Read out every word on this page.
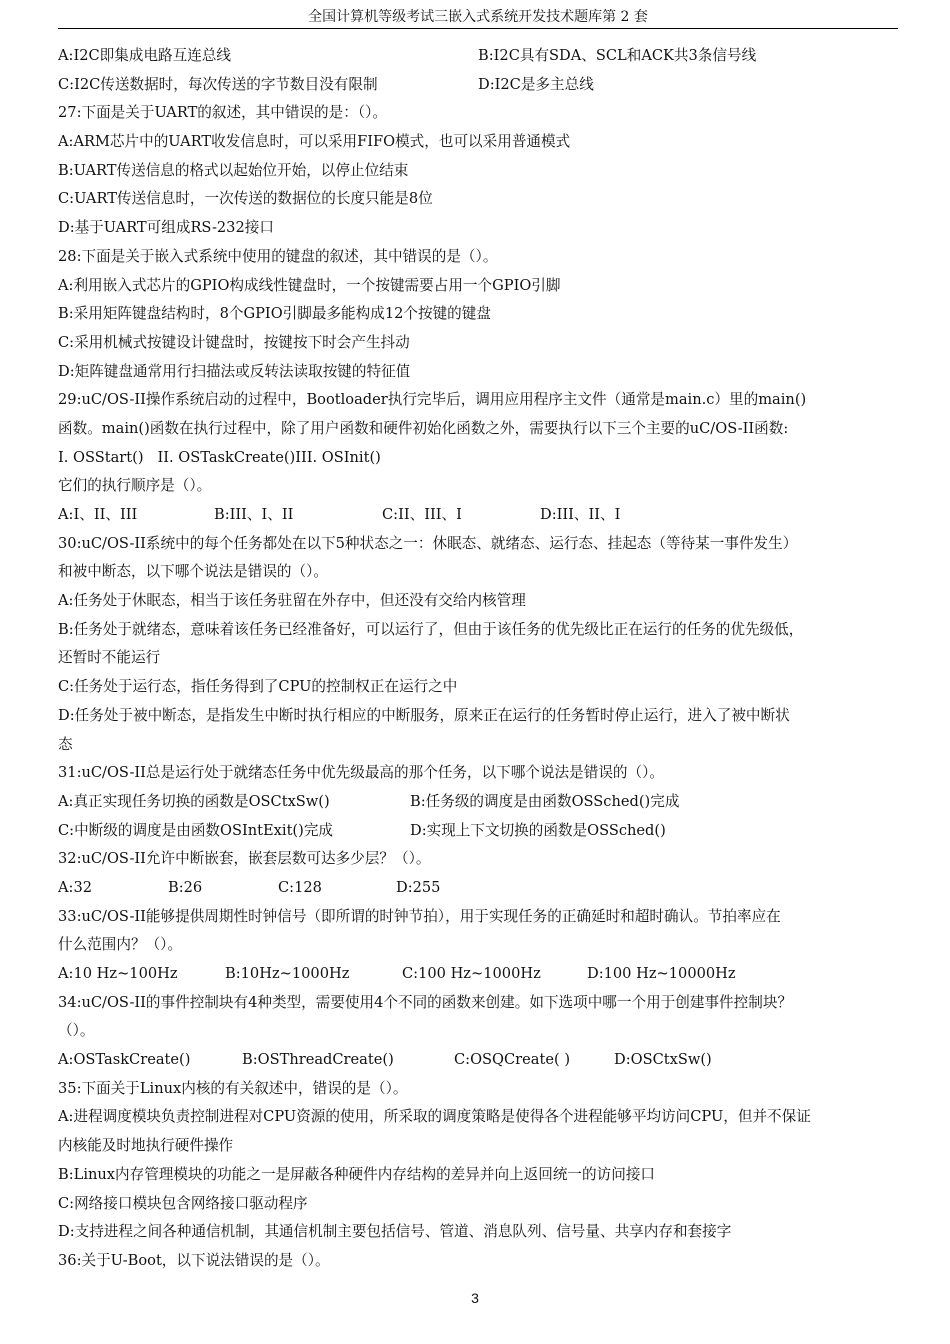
全国计算机等级考试三嵌入式系统开发技术题库第 2 套
A:I2C即集成电路互连总线	B:I2C具有SDA、SCL和ACK共3条信号线
C:I2C传送数据时，每次传送的字节数目没有限制	D:I2C是多主总线
27:下面是关于UART的叙述，其中错误的是：（）。
A:ARM芯片中的UART收发信息时，可以采用FIFO模式，也可以采用普通模式
B:UART传送信息的格式以起始位开始，以停止位结束
C:UART传送信息时，一次传送的数据位的长度只能是8位
D:基于UART可组成RS-232接口
28:下面是关于嵌入式系统中使用的键盘的叙述，其中错误的是（）。
A:利用嵌入式芯片的GPIO构成线性键盘时，一个按键需要占用一个GPIO引脚
B:采用矩阵键盘结构时，8个GPIO引脚最多能构成12个按键的键盘
C:采用机械式按键设计键盘时，按键按下时会产生抖动
D:矩阵键盘通常用行扫描法或反转法读取按键的特征值
29:uC/OS-II操作系统启动的过程中，Bootloader执行完毕后，调用应用程序主文件（通常是main.c）里的main()
函数。main()函数在执行过程中，除了用户函数和硬件初始化函数之外，需要执行以下三个主要的uC/OS-II函数:
I. OSStart()   II. OSTaskCreate()III. OSInit()
它们的执行顺序是（）。
A:I、II、III	B:III、I、II	C:II、III、I	D:III、II、I
30:uC/OS-II系统中的每个任务都处在以下5种状态之一：休眠态、就绪态、运行态、挂起态（等待某一事件发生）
和被中断态，以下哪个说法是错误的（）。
A:任务处于休眠态，相当于该任务驻留在外存中，但还没有交给内核管理
B:任务处于就绪态，意味着该任务已经准备好，可以运行了，但由于该任务的优先级比正在运行的任务的优先级低，
还暂时不能运行
C:任务处于运行态，指任务得到了CPU的控制权正在运行之中
D:任务处于被中断态，是指发生中断时执行相应的中断服务，原来正在运行的任务暂时停止运行，进入了被中断状
态
31:uC/OS-II总是运行处于就绪态任务中优先级最高的那个任务，以下哪个说法是错误的（）。
A:真正实现任务切换的函数是OSCtxSw()	B:任务级的调度是由函数OSSched()完成
C:中断级的调度是由函数OSIntExit()完成	D:实现上下文切换的函数是OSSched()
32:uC/OS-II允许中断嵌套，嵌套层数可达多少层？（）。
A:32	B:26	C:128	D:255
33:uC/OS-II能够提供周期性时钟信号（即所谓的时钟节拍），用于实现任务的正确延时和超时确认。节拍率应在
什么范围内？（）。
A:10 Hz~100Hz	B:10Hz~1000Hz	C:100 Hz~1000Hz	D:100 Hz~10000Hz
34:uC/OS-II的事件控制块有4种类型，需要使用4个不同的函数来创建。如下选项中哪一个用于创建事件控制块？
（）。
A:OSTaskCreate()	B:OSThreadCreate()	C:OSQCreate( )	D:OSCtxSw()
35:下面关于Linux内核的有关叙述中，错误的是（）。
A:进程调度模块负责控制进程对CPU资源的使用，所采取的调度策略是使得各个进程能够平均访问CPU，但并不保证
内核能及时地执行硬件操作
B:Linux内存管理模块的功能之一是屏蔽各种硬件内存结构的差异并向上返回统一的访问接口
C:网络接口模块包含网络接口驱动程序
D:支持进程之间各种通信机制，其通信机制主要包括信号、管道、消息队列、信号量、共享内存和套接字
36:关于U-Boot，以下说法错误的是（）。
3
